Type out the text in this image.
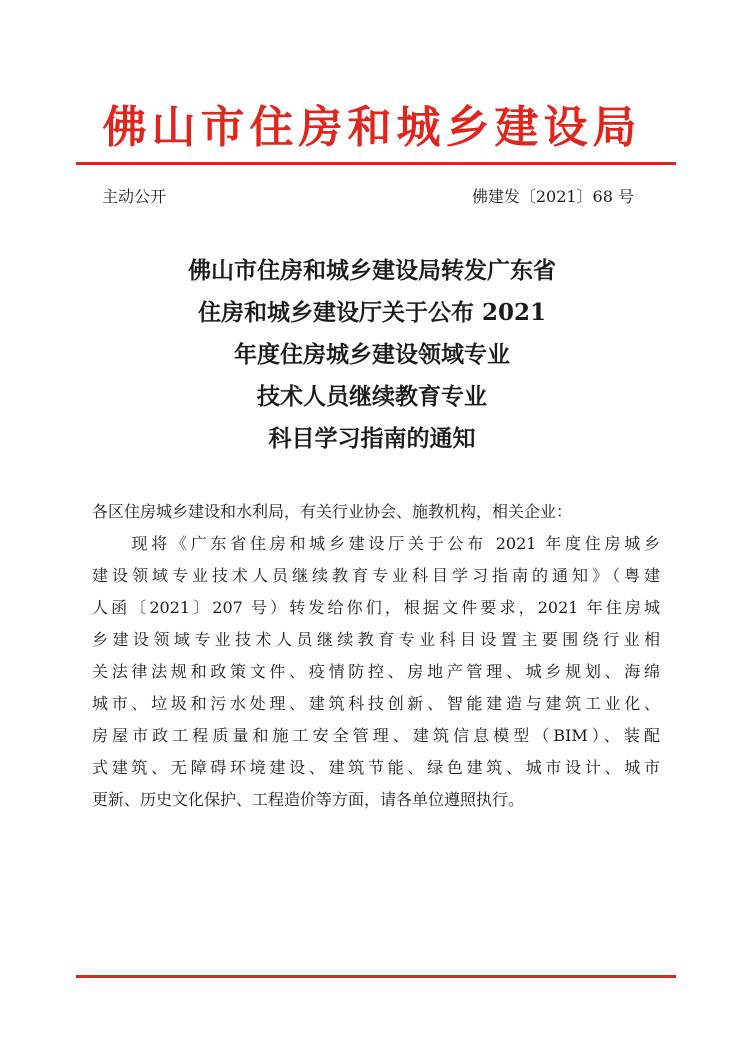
佛山市住房和城乡建设局
主动公开	佛建发〔2021〕68 号
佛山市住房和城乡建设局转发广东省
住房和城乡建设厅关于公布 2021
年度住房城乡建设领域专业
技术人员继续教育专业
科目学习指南的通知
各区住房城乡建设和水利局，有关行业协会、施教机构，相关企业：
　　现将《广东省住房和城乡建设厅关于公布 2021 年度住房城乡
建设领域专业技术人员继续教育专业科目学习指南的通知》（粤建
人函〔2021〕207 号）转发给你们，根据文件要求，2021 年住房城
乡建设领域专业技术人员继续教育专业科目设置主要围绕行业相
关法律法规和政策文件、疫情防控、房地产管理、城乡规划、海绵
城市、垃圾和污水处理、建筑科技创新、智能建造与建筑工业化、
房屋市政工程质量和施工安全管理、建筑信息模型（BIM）、装配
式建筑、无障碍环境建设、建筑节能、绿色建筑、城市设计、城市
更新、历史文化保护、工程造价等方面，请各单位遵照执行。
